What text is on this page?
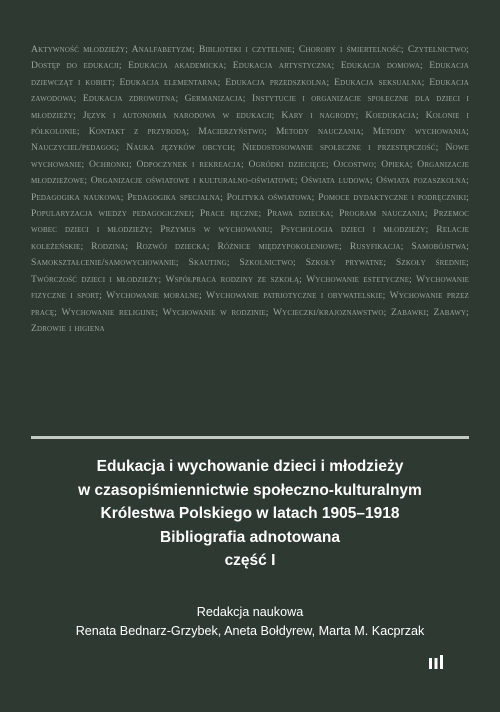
Aktywność młodzieży; Analfabetyzm; Biblioteki i czytelnie; Choroby i śmiertelność; Czytelnictwo; Dostęp do edukacji; Edukacja akademicka; Edukacja artystyczna; Edukacja domowa; Edukacja dziewcząt i kobiet; Edukacja elementarna; Edukacja przedszkolna; Edukacja seksualna; Edukacja zawodowa; Edukacja zdrowotna; Germanizacja; Instytucje i organizacje społeczne dla dzieci i młodzieży; Język i autonomia narodowa w edukacji; Kary i nagrody; Koedukacja; Kolonie i półkolonie; Kontakt z przyrodą; Macierzyństwo; Metody nauczania; Metody wychowania; Nauczyciel/pedagog; Nauka języków obcych; Niedostosowanie społeczne i przestępczość; Nowe wychowanie; Ochronki; Odpoczynek i rekreacja; Ogródki dziecięce; Ojcostwo; Opieka; Organizacje młodzieżowe; Organizacje oświatowe i kulturalno-oświatowe; Oświata ludowa; Oświata pozaszkolna; Pedagogika naukowa; Pedagogika specjalna; Polityka oświatowa; Pomoce dydaktyczne i podręczniki; Popularyzacja wiedzy pedagogicznej; Prace ręczne; Prawa dziecka; Program nauczania; Przemoc wobec dzieci i młodzieży; Przymus w wychowaniu; Psychologia dzieci i młodzieży; Relacje koleżeńskie; Rodzina; Rozwój dziecka; Różnice międzypokoleniowe; Rusyfikacja; Samobójstwa; Samokształcenie/samowychowanie; Skauting; Szkolnictwo; Szkoły prywatne; Szkoły średnie; Twórczość dzieci i młodzieży; Współpraca rodziny ze szkołą; Wychowanie estetyczne; Wychowanie fizyczne i sport; Wychowanie moralne; Wychowanie patriotyczne i obywatelskie; Wychowanie przez pracę; Wychowanie religijne; Wychowanie w rodzinie; Wycieczki/krajoznawstwo; Zabawki; Zabawy; Zdrowie i higiena

Edukacja i wychowanie dzieci i młodzieży
w czasopiśmiennictwie społeczno-kulturalnym
Królestwa Polskiego w latach 1905–1918
Bibliografia adnotowana
część I
Redakcja naukowa
Renata Bednarz-Grzybek, Aneta Bołdyrew, Marta M. Kacprzak
